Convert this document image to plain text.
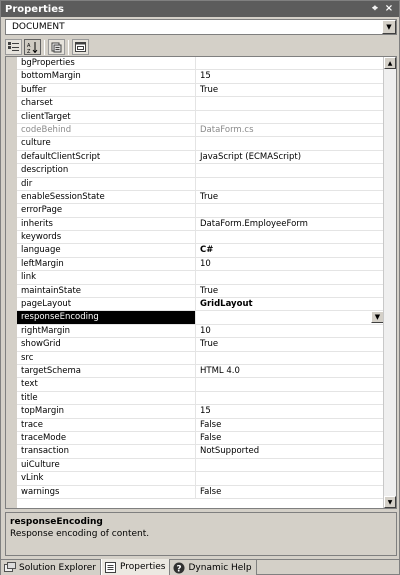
Properties	⌖ ×
DOCUMENT	▼
A
Z
bgProperties
bottomMargin	15
buffer	True
charset
clientTarget
codeBehind	DataForm.cs
culture
defaultClientScript	JavaScript (ECMAScript)
description
dir
enableSessionState	True
errorPage
inherits	DataForm.EmployeeForm
keywords
language	C#
leftMargin	10
link
maintainState	True
pageLayout	GridLayout
responseEncoding	▼
rightMargin	10
showGrid	True
src
targetSchema	HTML 4.0
text
title
topMargin	15
trace	False
traceMode	False
transaction	NotSupported
uiCulture
vLink
warnings	False
▲
▼
responseEncoding
Response encoding of content.
Solution Explorer	Properties ? Dynamic Help
